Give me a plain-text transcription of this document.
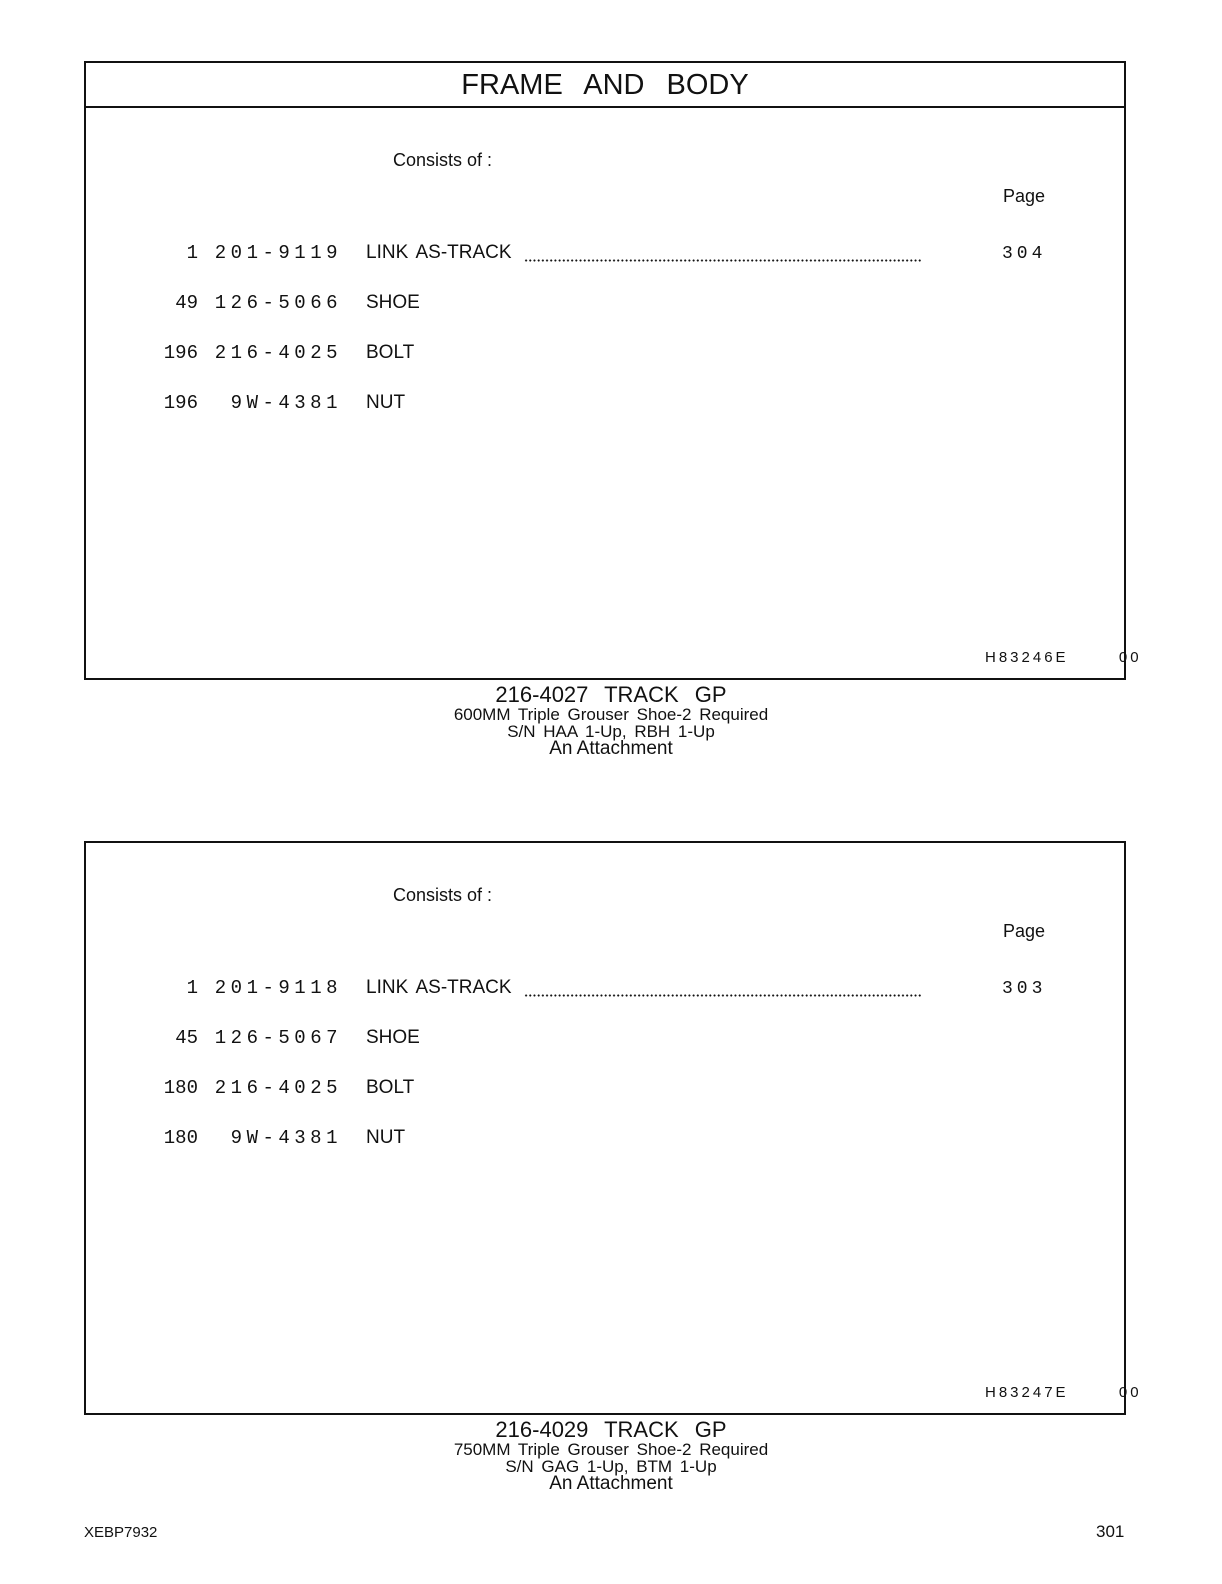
FRAME AND BODY
Consists of :
Page
1 201-9119 LINK AS-TRACK	304
49 126-5066 SHOE
196 216-4025 BOLT
196	9W-4381 NUT
H83246E  00
216-4027 TRACK GP
600MM Triple Grouser Shoe-2 Required
S/N HAA 1-Up, RBH 1-Up
An Attachment
Consists of :
Page
1 201-9118 LINK AS-TRACK	303
45 126-5067 SHOE
180 216-4025 BOLT
180	9W-4381 NUT
H83247E  00
216-4029 TRACK GP
750MM Triple Grouser Shoe-2 Required
S/N GAG 1-Up, BTM 1-Up
An Attachment
XEBP7932	301
